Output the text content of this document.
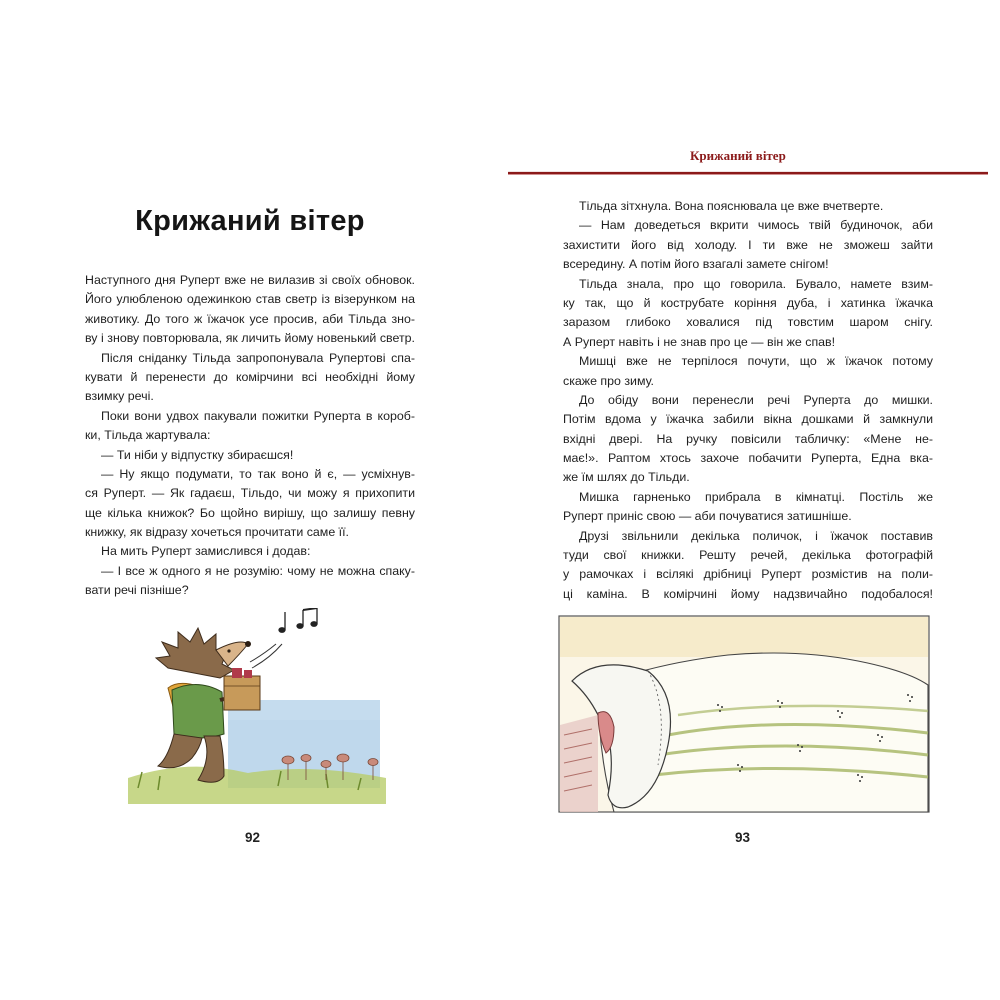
Крижаний вітер
Наступного дня Руперт вже не вилазив зі своїх обновок.
Його улюбленою одежинкою став светр із візерунком на
животику. До того ж їжачок усе просив, аби Тільда зно-
ву і знову повторювала, як личить йому новенький светр.
Після сніданку Тільда запропонувала Рупертові спа-
кувати й перенести до комірчини всі необхідні йому
взимку речі.
Поки вони удвох пакували пожитки Руперта в короб-
ки, Тільда жартувала:
— Ти ніби у відпустку збираєшся!
— Ну якщо подумати, то так воно й є, — усміхнув-
ся Руперт. — Як гадаєш, Тільдо, чи можу я прихопити
ще кілька книжок? Бо щойно вирішу, що залишу певну
книжку, як відразу хочеться прочитати саме її.
На мить Руперт замислився і додав:
— І все ж одного я не розумію: чому не можна спаку-
вати речі пізніше?
92
Крижаний вітер
Тільда зітхнула. Вона пояснювала це вже вчетверте.
— Нам доведеться вкрити чимось твій будиночок, аби
захистити його від холоду. І ти вже не зможеш зайти
всередину. А потім його взагалі замете снігом!
Тільда знала, про що говорила. Бувало, намете взим-
ку так, що й кострубате коріння дуба, і хатинка їжачка
заразом глибоко ховалися під товстим шаром снігу.
А Руперт навіть і не знав про це — він же спав!
Мишці вже не терпілося почути, що ж їжачок потому
скаже про зиму.
До обіду вони перенесли речі Руперта до мишки.
Потім вдома у їжачка забили вікна дошками й замкнули
вхідні двері. На ручку повісили табличку: «Мене не-
має!». Раптом хтось захоче побачити Руперта, Една вка-
же їм шлях до Тільди.
Мишка гарненько прибрала в кімнатці. Постіль же
Руперт приніс свою — аби почуватися затишніше.
Друзі звільнили декілька поличок, і їжачок поставив
туди свої книжки. Решту речей, декілька фотографій
у рамочках і всілякі дрібниці Руперт розмістив на поли-
ці каміна. В комірчині йому надзвичайно подобалося!
93
